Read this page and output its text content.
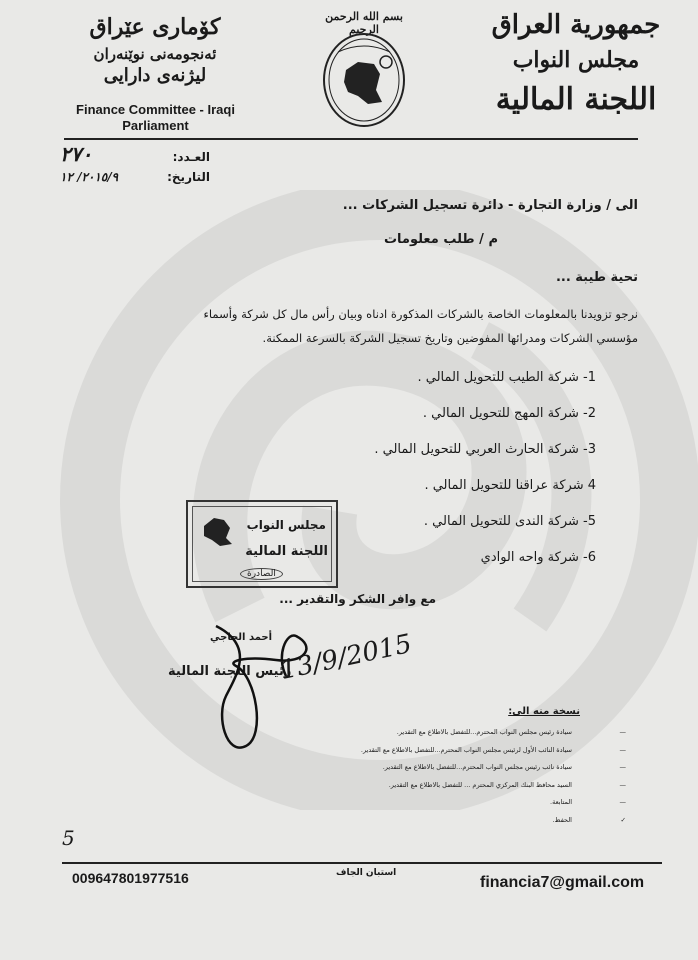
جمهورية العراق
مجلس النواب
اللجنة المالية
بسم الله الرحمن الرحيم
كۆماری عێراق
ئەنجومەنی نوێنەران
لیژنەی دارایی
Finance Committee - Iraqi
Parliament
العـدد:
٢٧٠
التاريخ:
٢٠١٥/٩/ ١٢
الى / وزارة التجارة - دائرة تسجيل الشركات ...
م / طلب معلومات
تحية طيبة ...
نرجو تزويدنا بالمعلومات الخاصة بالشركات المذكورة ادناه وبيان رأس مال كل شركة وأسماء
مؤسسي الشركات ومدرائها المفوضين وتاريخ تسجيل الشركة بالسرعة الممكنة.
1- شركة الطيب للتحويل المالي .
2- شركة المهج للتحويل المالي .
3- شركة الحارث العربي للتحويل المالي .
4 شركة عراقنا للتحويل المالي .
5- شركة الندى للتحويل المالي .
6- شركة واحه الوادي
مجلس النواب
اللجنة المالية
الصادرة
مع وافر الشكر والتقدير ...
أحمد الحاجي
رئيس اللجنة المالية
13/9/2015
نسخة منه الى:
—
سيادة رئيس مجلس النواب المحترم...للتفضل بالاطلاع مع التقدير.
—
سيادة النائب الأول لرئيس مجلس النواب المحترم...للتفضل بالاطلاع مع التقدير.
—
سيادة نائب رئيس مجلس النواب المحترم...للتفضل بالاطلاع مع التقدير.
—
السيد محافظ البنك المركزي المحترم ... للتفضل بالاطلاع مع التقدير.
—
المتابعة.
✓
الحفظ.
5
009647801977516	استبان الجاف
financia7@gmail.com
